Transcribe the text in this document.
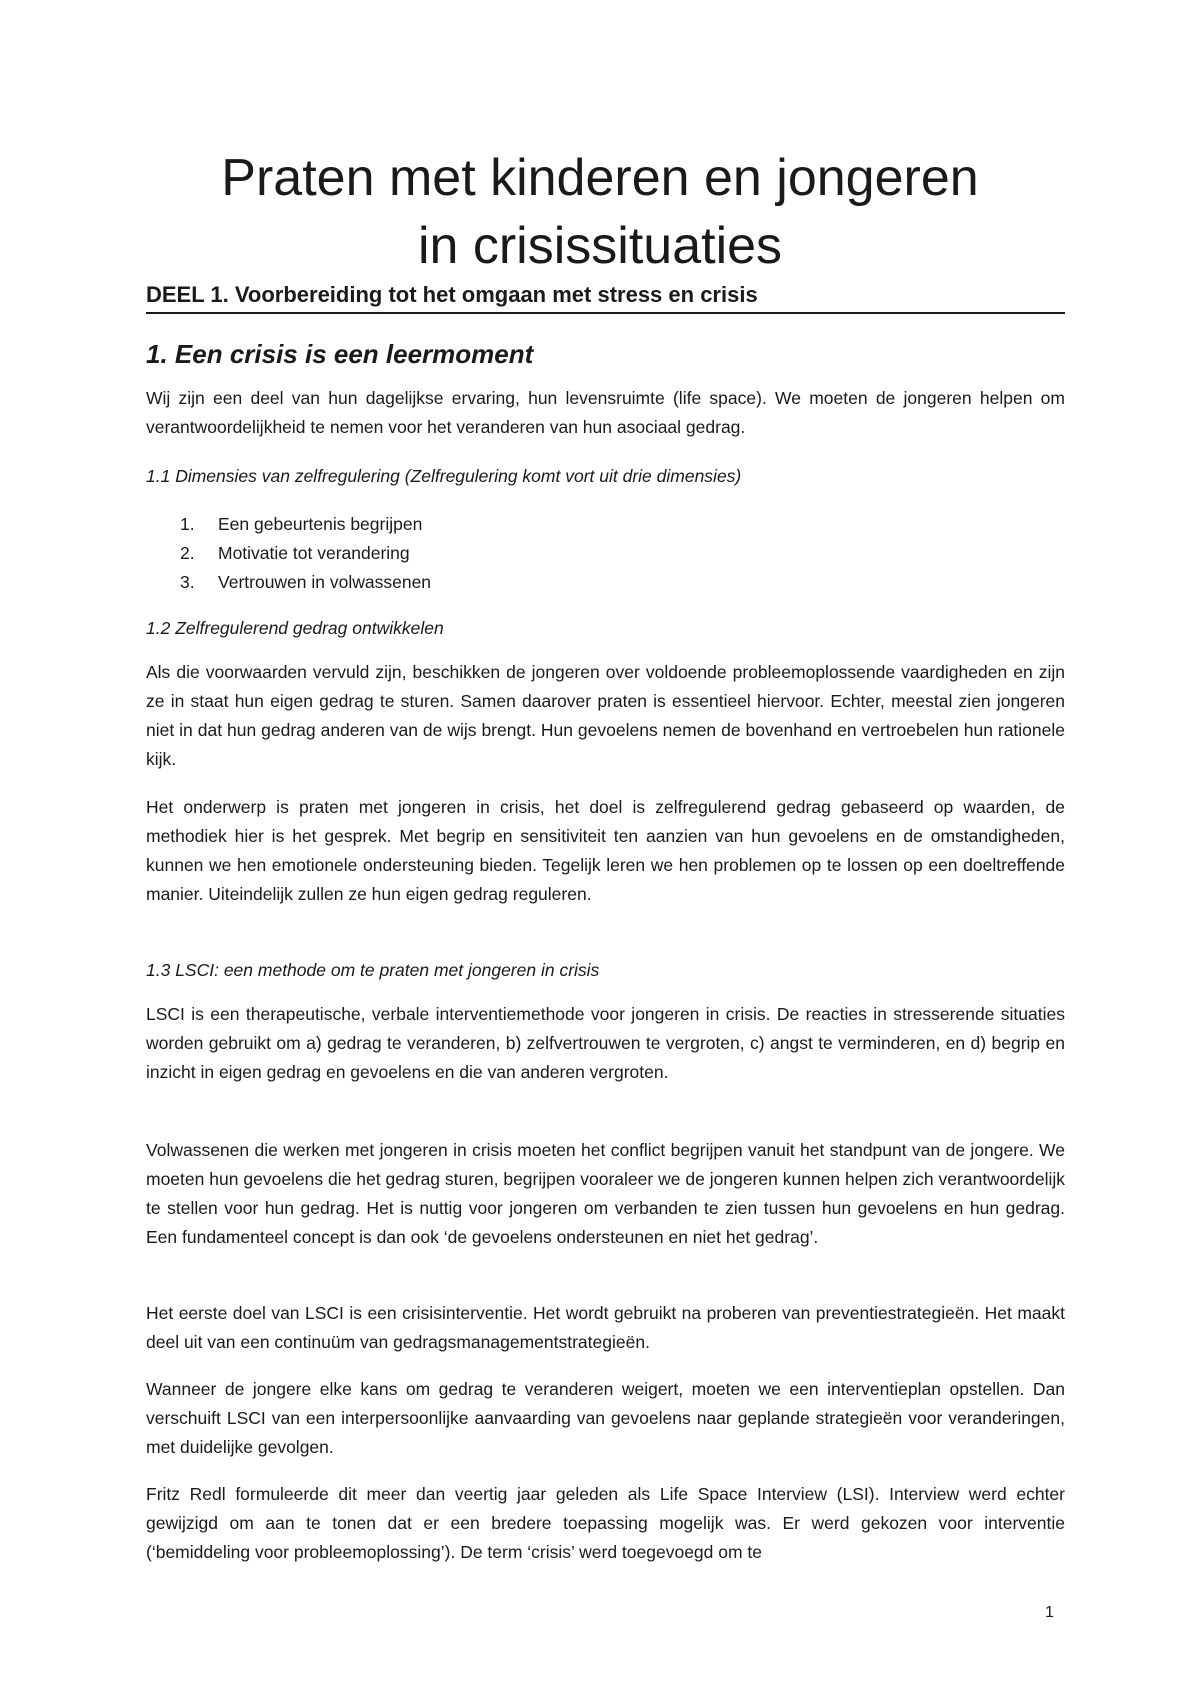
Praten met kinderen en jongeren
in crisissituaties
DEEL 1. Voorbereiding tot het omgaan met stress en crisis
1. Een crisis is een leermoment

Wij zijn een deel van hun dagelijkse ervaring, hun levensruimte (life space). We moeten de jongeren helpen om verantwoordelijkheid te nemen voor het veranderen van hun asociaal gedrag.

1.1 Dimensies van zelfregulering (Zelfregulering komt vort uit drie dimensies)

1.	Een gebeurtenis begrijpen
2.	Motivatie tot verandering
3.	Vertrouwen in volwassenen

1.2 Zelfregulerend gedrag ontwikkelen

Als die voorwaarden vervuld zijn, beschikken de jongeren over voldoende probleemoplossende vaardigheden en zijn ze in staat hun eigen gedrag te sturen. Samen daarover praten is essentieel hiervoor. Echter, meestal zien jongeren niet in dat hun gedrag anderen van de wijs brengt. Hun gevoelens nemen de bovenhand en vertroebelen hun rationele kijk.

Het onderwerp is praten met jongeren in crisis, het doel is zelfregulerend gedrag gebaseerd op waarden, de methodiek hier is het gesprek. Met begrip en sensitiviteit ten aanzien van hun gevoelens en de omstandigheden, kunnen we hen emotionele ondersteuning bieden. Tegelijk leren we hen problemen op te lossen op een doeltreffende manier. Uiteindelijk zullen ze hun eigen gedrag reguleren.

1.3 LSCI: een methode om te praten met jongeren in crisis

LSCI is een therapeutische, verbale interventiemethode voor jongeren in crisis. De reacties in stresserende situaties worden gebruikt om a) gedrag te veranderen, b) zelfvertrouwen te vergroten, c) angst te verminderen, en d) begrip en inzicht in eigen gedrag en gevoelens en die van anderen vergroten.

Volwassenen die werken met jongeren in crisis moeten het conflict begrijpen vanuit het standpunt van de jongere. We moeten hun gevoelens die het gedrag sturen, begrijpen vooraleer we de jongeren kunnen helpen zich verantwoordelijk te stellen voor hun gedrag. Het is nuttig voor jongeren om verbanden te zien tussen hun gevoelens en hun gedrag. Een fundamenteel concept is dan ook ‘de gevoelens ondersteunen en niet het gedrag’.

Het eerste doel van LSCI is een crisisinterventie. Het wordt gebruikt na proberen van preventiestrategieën. Het maakt deel uit van een continuüm van gedragsmanagementstrategieën.

Wanneer de jongere elke kans om gedrag te veranderen weigert, moeten we een interventieplan opstellen. Dan verschuift LSCI van een interpersoonlijke aanvaarding van gevoelens naar geplande strategieën voor veranderingen, met duidelijke gevolgen.

Fritz Redl formuleerde dit meer dan veertig jaar geleden als Life Space Interview (LSI). Interview werd echter gewijzigd om aan te tonen dat er een bredere toepassing mogelijk was. Er werd gekozen voor interventie (‘bemiddeling voor probleemoplossing’). De term ‘crisis’ werd toegevoegd om te

1
